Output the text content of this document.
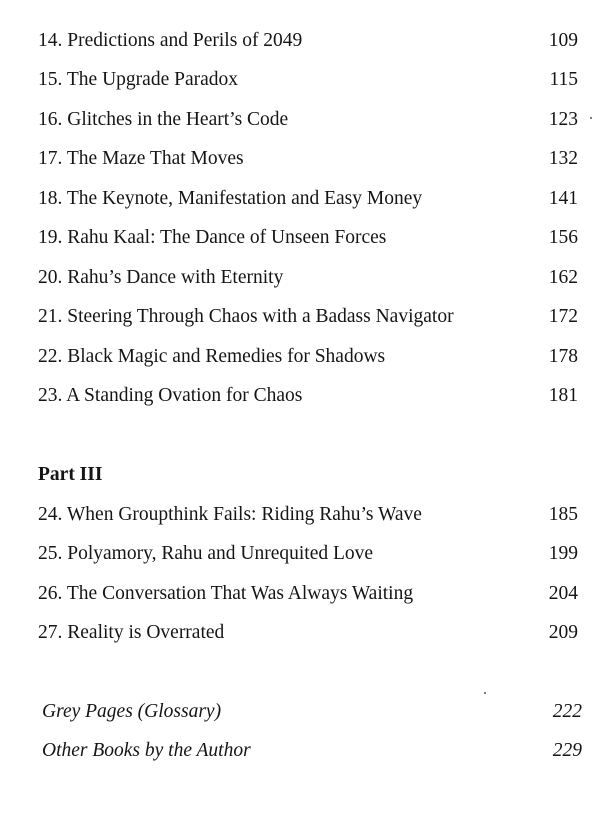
14. Predictions and Perils of 2049	109
15. The Upgrade Paradox	115
16. Glitches in the Heart’s Code	123
17. The Maze That Moves	132
18. The Keynote, Manifestation and Easy Money	141
19. Rahu Kaal: The Dance of Unseen Forces	156
20. Rahu’s Dance with Eternity	162
21. Steering Through Chaos with a Badass Navigator	172
22. Black Magic and Remedies for Shadows	178
23. A Standing Ovation for Chaos	181
Part III
24. When Groupthink Fails: Riding Rahu’s Wave	185
25. Polyamory, Rahu and Unrequited Love	199
26. The Conversation That Was Always Waiting	204
27. Reality is Overrated	209
Grey Pages (Glossary)	222
Other Books by the Author	229
